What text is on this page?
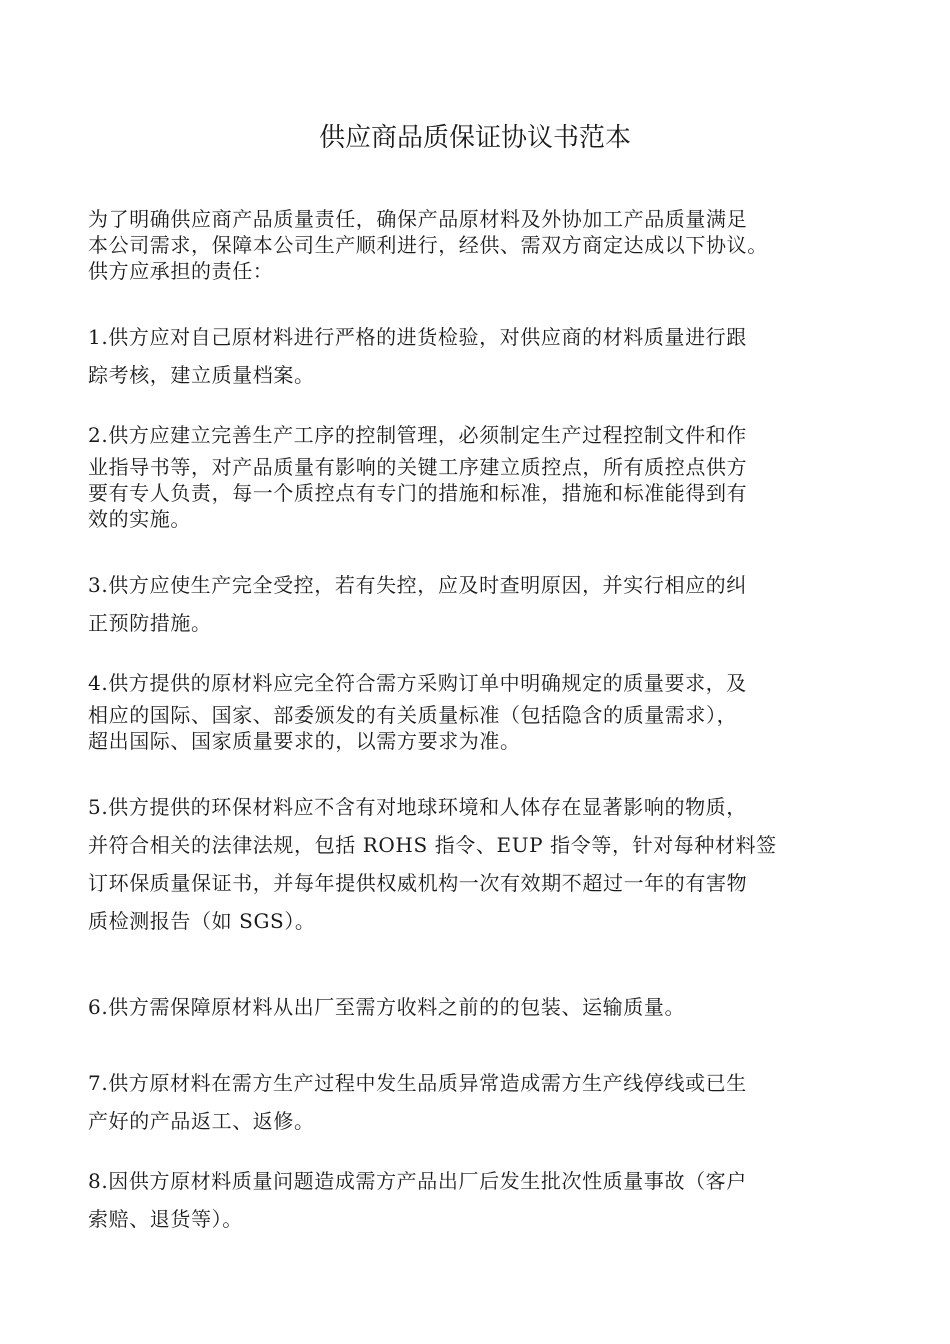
供应商品质保证协议书范本

为了明确供应商产品质量责任，确保产品原材料及外协加工产品质量满足
本公司需求，保障本公司生产顺利进行，经供、需双方商定达成以下协议。
供方应承担的责任：

1.供方应对自己原材料进行严格的进货检验，对供应商的材料质量进行跟
踪考核，建立质量档案。
2.供方应建立完善生产工序的控制管理，必须制定生产过程控制文件和作
业指导书等，对产品质量有影响的关键工序建立质控点，所有质控点供方
要有专人负责，每一个质控点有专门的措施和标准，措施和标准能得到有
效的实施。
3.供方应使生产完全受控，若有失控，应及时查明原因，并实行相应的纠
正预防措施。
4.供方提供的原材料应完全符合需方采购订单中明确规定的质量要求，及
相应的国际、国家、部委颁发的有关质量标准（包括隐含的质量需求），
超出国际、国家质量要求的，以需方要求为准。
5.供方提供的环保材料应不含有对地球环境和人体存在显著影响的物质，
并符合相关的法律法规，包括 ROHS 指令、EUP 指令等，针对每种材料签
订环保质量保证书，并每年提供权威机构一次有效期不超过一年的有害物
质检测报告（如 SGS）。
6.供方需保障原材料从出厂至需方收料之前的的包装、运输质量。
7.供方原材料在需方生产过程中发生品质异常造成需方生产线停线或已生
产好的产品返工、返修。
8.因供方原材料质量问题造成需方产品出厂后发生批次性质量事故（客户
索赔、退货等）。
